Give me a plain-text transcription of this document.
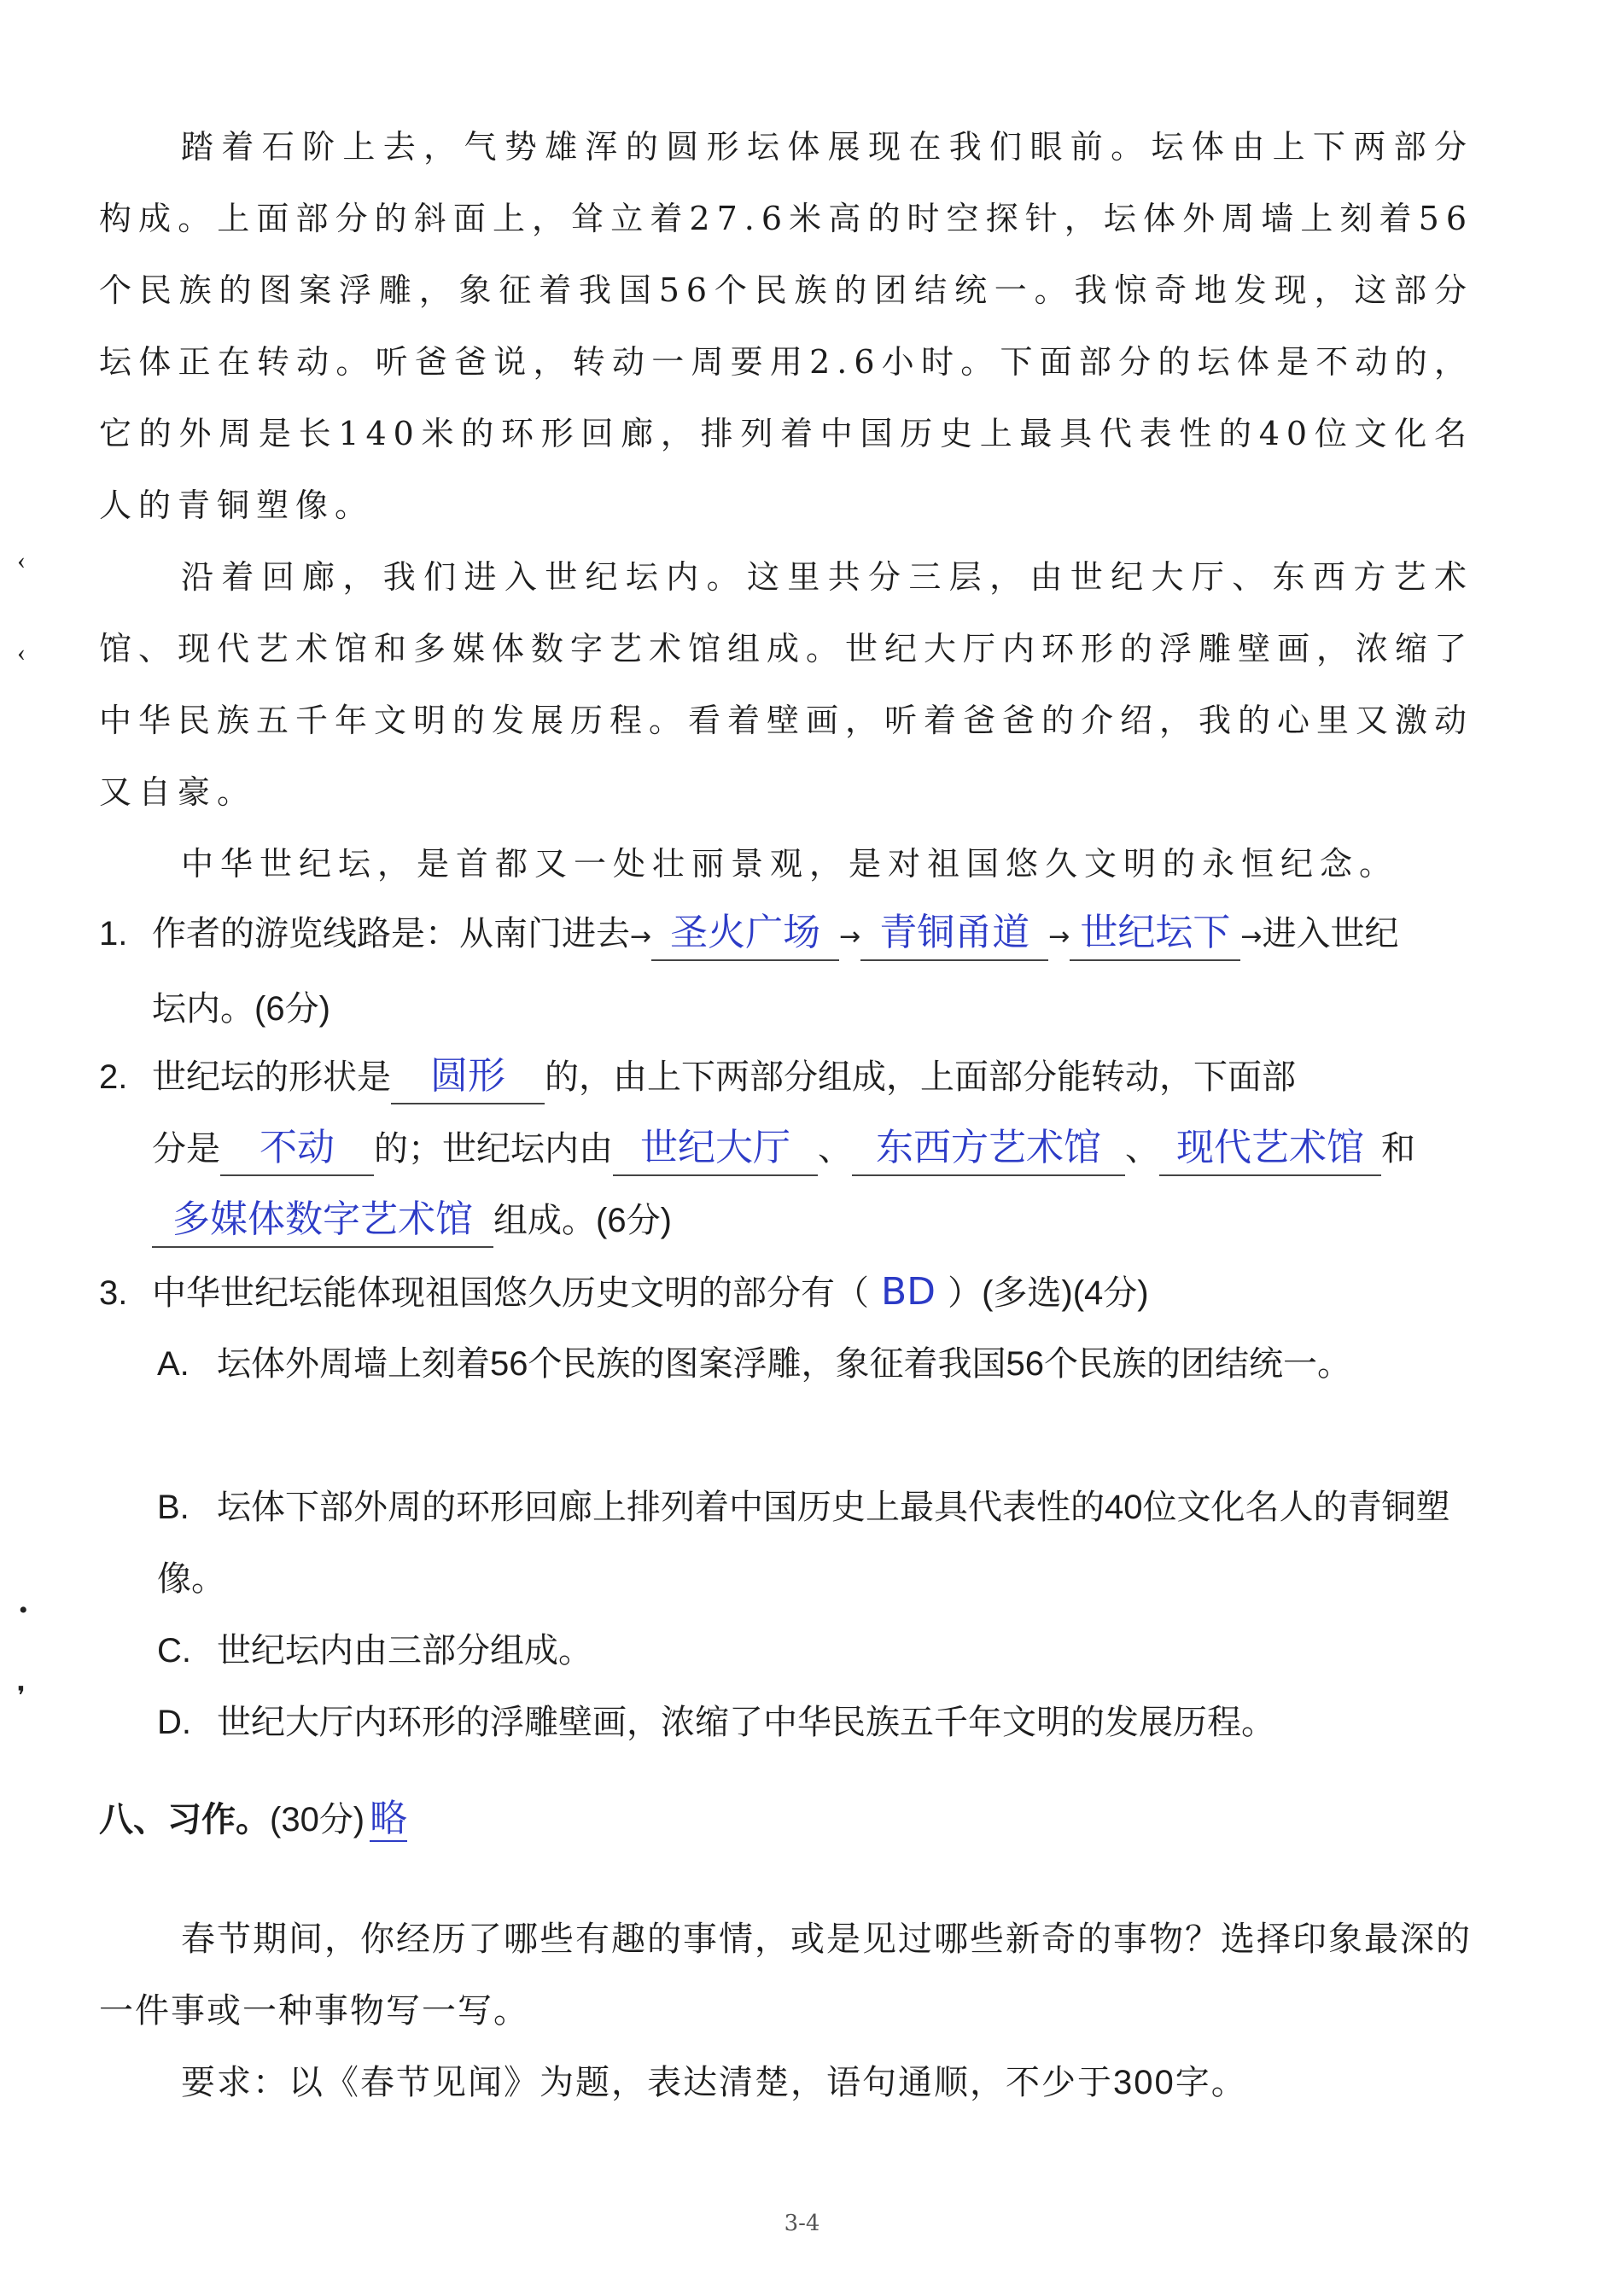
‹
‹
•
❜

踏着石阶上去，气势雄浑的圆形坛体展现在我们眼前。坛体由上下两部分构成。上面部分的斜面上，耸立着27.6米高的时空探针，坛体外周墙上刻着56个民族的图案浮雕，象征着我国56个民族的团结统一。我惊奇地发现，这部分坛体正在转动。听爸爸说，转动一周要用2.6小时。下面部分的坛体是不动的，它的外周是长140米的环形回廊，排列着中国历史上最具代表性的40位文化名人的青铜塑像。

沿着回廊，我们进入世纪坛内。这里共分三层，由世纪大厅、东西方艺术馆、现代艺术馆和多媒体数字艺术馆组成。世纪大厅内环形的浮雕壁画，浓缩了中华民族五千年文明的发展历程。看着壁画，听着爸爸的介绍，我的心里又激动又自豪。

中华世纪坛，是首都又一处壮丽景观，是对祖国悠久文明的永恒纪念。

1. 作者的游览线路是：从南门进去→ 圣火广场 → 青铜甬道 → 世纪坛下 →进入世纪
坛内。(6分)
2. 世纪坛的形状是 圆形 的，由上下两部分组成，上面部分能转动，下面部
分是 不动 的；世纪坛内由 世纪大厅 、 东西方艺术馆 、 现代艺术馆 和
多媒体数字艺术馆 组成。(6分)
3. 中华世纪坛能体现祖国悠久历史文明的部分有（ BD ）(多选)(4分)
A. 坛体外周墙上刻着56个民族的图案浮雕，象征着我国56个民族的团结统一。
B. 坛体下部外周的环形回廊上排列着中国历史上最具代表性的40位文化名人的青铜塑像。
C. 世纪坛内由三部分组成。
D. 世纪大厅内环形的浮雕壁画，浓缩了中华民族五千年文明的发展历程。
八、习作。(30分) 略

春节期间，你经历了哪些有趣的事情，或是见过哪些新奇的事物？选择印象最深的一件事或一种事物写一写。

要求：以《春节见闻》为题，表达清楚，语句通顺，不少于300字。

3-4
